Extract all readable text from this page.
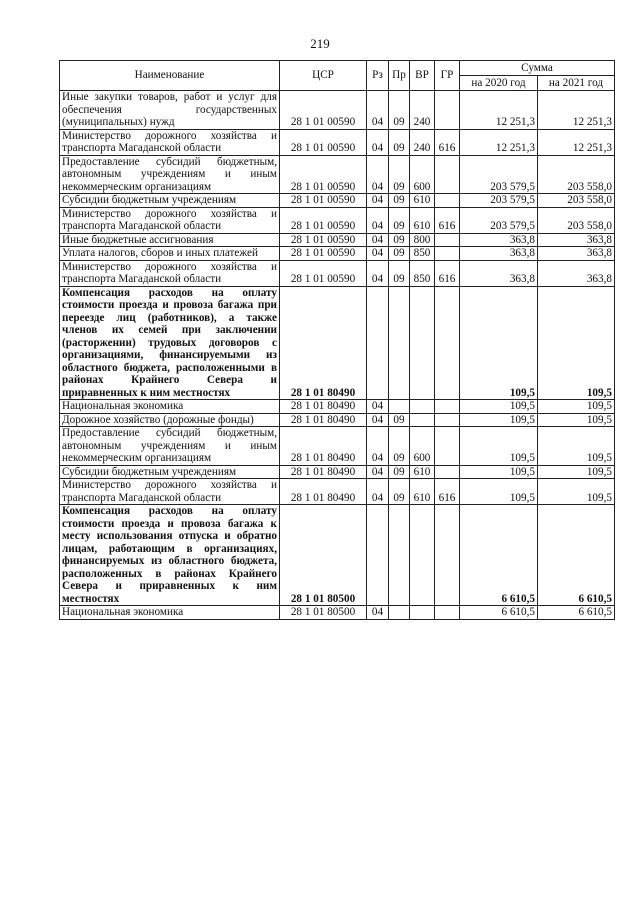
219
Наименование	ЦСР	Рз	Пр	ВР	ГР	Сумма	
						на 2020 год	на 2021 год
Иные закупки товаров, работ и услуг для обеспечения государственных (муниципальных) нужд	28 1 01 00590	04	09	240		12 251,3	12 251,3
Министерство дорожного хозяйства и транспорта Магаданской области	28 1 01 00590	04	09	240	616	12 251,3	12 251,3
Предоставление субсидий бюджетным, автономным учреждениям и иным некоммерческим организациям	28 1 01 00590	04	09	600		203 579,5	203 558,0
Субсидии бюджетным учреждениям	28 1 01 00590	04	09	610		203 579,5	203 558,0
Министерство дорожного хозяйства и транспорта Магаданской области	28 1 01 00590	04	09	610	616	203 579,5	203 558,0
Иные бюджетные ассигнования	28 1 01 00590	04	09	800		363,8	363,8
Уплата налогов, сборов и иных платежей	28 1 01 00590	04	09	850		363,8	363,8
Министерство дорожного хозяйства и транспорта Магаданской области	28 1 01 00590	04	09	850	616	363,8	363,8
Компенсация расходов на оплату стоимости проезда и провоза багажа при переезде лиц (работников), а также членов их семей при заключении (расторжении) трудовых договоров с организациями, финансируемыми из областного бюджета, расположенными в районах Крайнего Севера и приравненных к ним местностях	28 1 01 80490					109,5	109,5
Национальная экономика	28 1 01 80490	04				109,5	109,5
Дорожное хозяйство (дорожные фонды)	28 1 01 80490	04	09			109,5	109,5
Предоставление субсидий бюджетным, автономным учреждениям и иным некоммерческим организациям	28 1 01 80490	04	09	600		109,5	109,5
Субсидии бюджетным учреждениям	28 1 01 80490	04	09	610		109,5	109,5
Министерство дорожного хозяйства и транспорта Магаданской области	28 1 01 80490	04	09	610	616	109,5	109,5
Компенсация расходов на оплату стоимости проезда и провоза багажа к месту использования отпуска и обратно лицам, работающим в организациях, финансируемых из областного бюджета, расположенных в районах Крайнего Севера и приравненных к ним местностях	28 1 01 80500					6 610,5	6 610,5
Национальная экономика	28 1 01 80500	04				6 610,5	6 610,5
